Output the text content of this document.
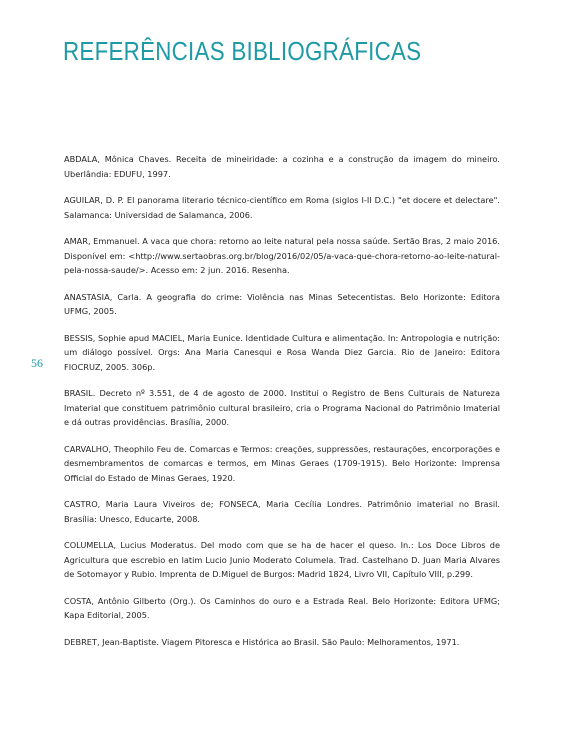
REFERÊNCIAS BIBLIOGRÁFICAS
56

ABDALA, Mônica Chaves. Receita de mineiridade: a cozinha e a construção da imagem do mineiro. Uberlândia: EDUFU, 1997.

AGUILAR, D. P. El panorama literario técnico-científico em Roma (siglos I-II D.C.) "et docere et delectare". Salamanca: Universidad de Salamanca, 2006.

AMAR, Emmanuel. A vaca que chora: retorno ao leite natural pela nossa saúde. Sertão Bras, 2 maio 2016. Disponível em: <http://www.sertaobras.org.br/blog/2016/02/05/a-vaca-que-chora-retorno-ao-leite-natural-pela-nossa-saude/>. Acesso em: 2 jun. 2016. Resenha.

ANASTASIA, Carla. A geografia do crime: Violência nas Minas Setecentistas. Belo Horizonte: Editora UFMG, 2005.

BESSIS, Sophie apud MACIEL, Maria Eunice. Identidade Cultura e alimentação. In: Antropologia e nutrição: um diálogo possível. Orgs: Ana Maria Canesqui e Rosa Wanda Diez Garcia. Rio de Janeiro: Editora FIOCRUZ, 2005. 306p.

BRASIL. Decreto nº 3.551, de 4 de agosto de 2000. Institui o Registro de Bens Culturais de Natureza Imaterial que constituem patrimônio cultural brasileiro, cria o Programa Nacional do Patrimônio Imaterial e dá outras providências. Brasília, 2000.

CARVALHO, Theophilo Feu de. Comarcas e Termos: creações, suppressões, restaurações, encorporações e desmembramentos de comarcas e termos, em Minas Geraes (1709-1915). Belo Horizonte: Imprensa Official do Estado de Minas Geraes, 1920.

CASTRO, Maria Laura Viveiros de; FONSECA, Maria Cecília Londres. Patrimônio imaterial no Brasil. Brasília: Unesco, Educarte, 2008.

COLUMELLA, Lucius Moderatus. Del modo com que se ha de hacer el queso. In.: Los Doce Libros de Agricultura que escrebio en latim Lucio Junio Moderato Columela. Trad. Castelhano D. Juan Maria Alvares de Sotomayor y Rubio. Imprenta de D.Miguel de Burgos: Madrid 1824, Livro VII, Capítulo VIII, p.299.

COSTA, Antônio Gilberto (Org.). Os Caminhos do ouro e a Estrada Real. Belo Horizonte: Editora UFMG; Kapa Editorial, 2005.

DEBRET, Jean-Baptiste. Viagem Pitoresca e Histórica ao Brasil. São Paulo: Melhoramentos, 1971.
